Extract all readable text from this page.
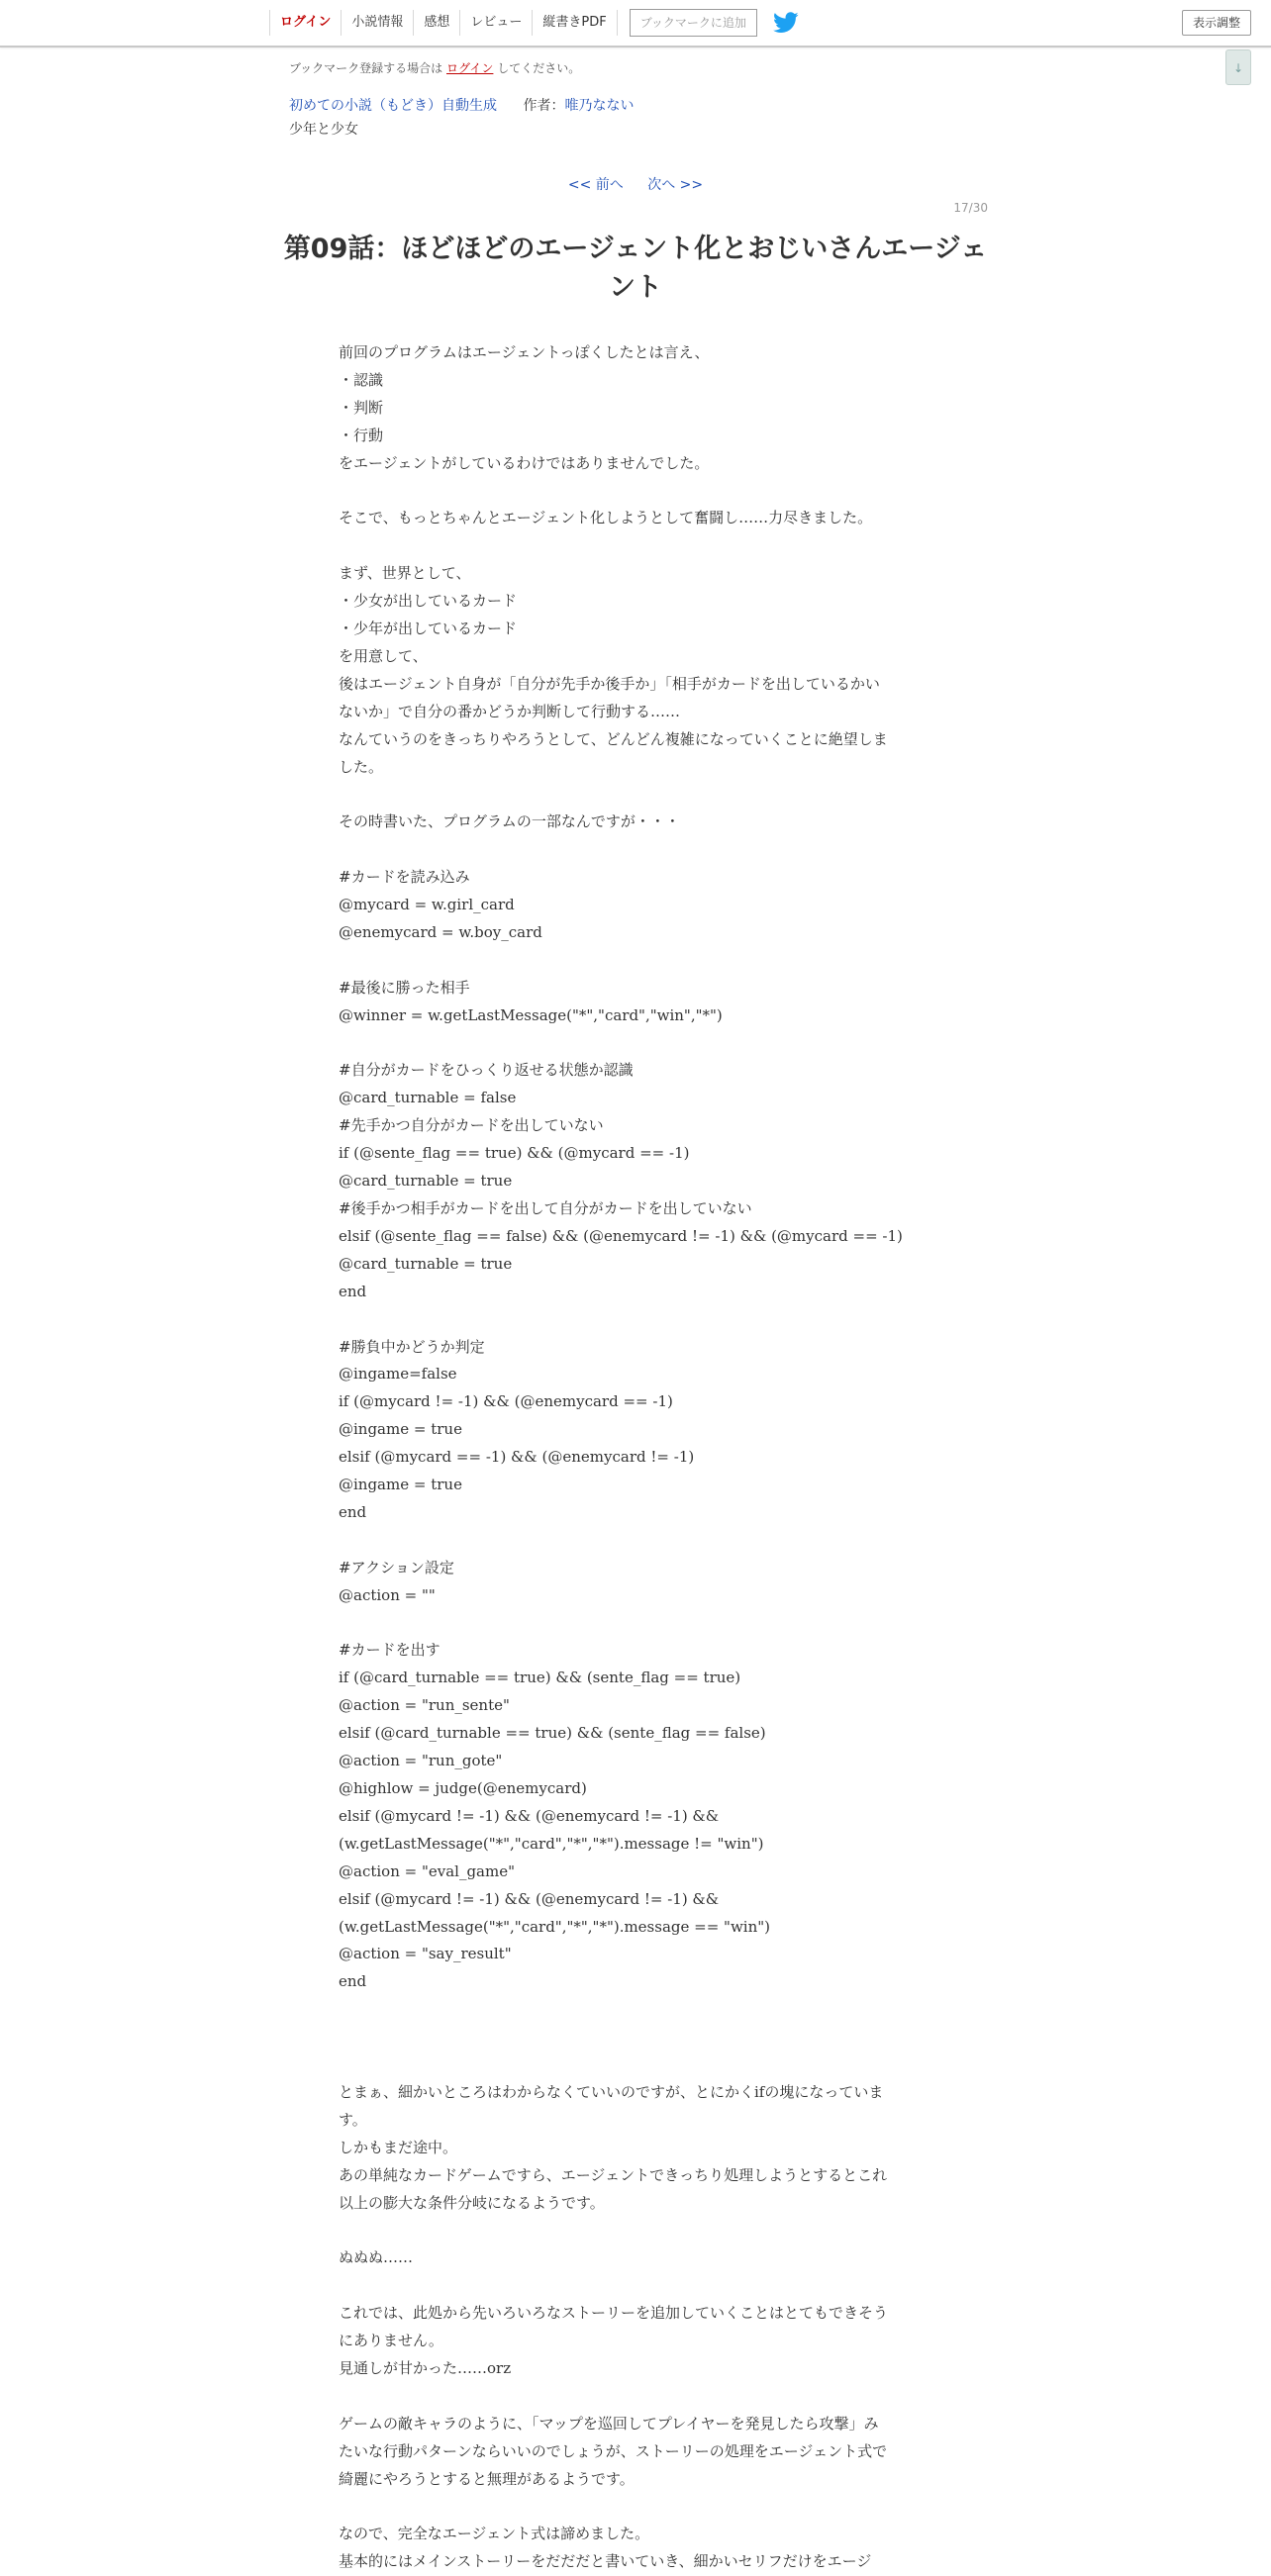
ログイン	小説情報	感想	レビュー	縦書きPDF	ブックマークに追加	表示調整
↓
ブックマーク登録する場合は ログイン してください。
初めての小説（もどき）自動生成 作者：唯乃なない
少年と少女
<< 前へ 次へ >>
17/30
第09話：ほどほどのエージェント化とおじいさんエージェ
ント
前回のプログラムはエージェントっぽくしたとは言え、
・認識
・判断
・行動
をエージェントがしているわけではありませんでした。
そこで、もっとちゃんとエージェント化しようとして奮闘し……力尽きました。
まず、世界として、
・少女が出しているカード
・少年が出しているカード
を用意して、
後はエージェント自身が「自分が先手か後手か」「相手がカードを出しているかい
ないか」で自分の番かどうか判断して行動する……
なんていうのをきっちりやろうとして、どんどん複雑になっていくことに絶望しま
した。
その時書いた、プログラムの一部なんですが・・・
#カードを読み込み
@mycard = w.girl_card
@enemycard = w.boy_card
#最後に勝った相手
@winner = w.getLastMessage("*","card","win","*")
#自分がカードをひっくり返せる状態か認識
@card_turnable = false
#先手かつ自分がカードを出していない
if (@sente_flag == true) && (@mycard == -1)
@card_turnable = true
#後手かつ相手がカードを出して自分がカードを出していない
elsif (@sente_flag == false) && (@enemycard != -1) && (@mycard == -1)
@card_turnable = true
end
#勝負中かどうか判定
@ingame=false
if (@mycard != -1) && (@enemycard == -1)
@ingame = true
elsif (@mycard == -1) && (@enemycard != -1)
@ingame = true
end
#アクション設定
@action = ""
#カードを出す
if (@card_turnable == true) && (sente_flag == true)
@action = "run_sente"
elsif (@card_turnable == true) && (sente_flag == false)
@action = "run_gote"
@highlow = judge(@enemycard)
elsif (@mycard != -1) && (@enemycard != -1) &&
(w.getLastMessage("*","card","*","*").message != "win")
@action = "eval_game"
elsif (@mycard != -1) && (@enemycard != -1) &&
(w.getLastMessage("*","card","*","*").message == "win")
@action = "say_result"
end
とまぁ、細かいところはわからなくていいのですが、とにかくifの塊になっていま
す。
しかもまだ途中。
あの単純なカードゲームですら、エージェントできっちり処理しようとするとこれ
以上の膨大な条件分岐になるようです。
ぬぬぬ……
これでは、此処から先いろいろなストーリーを追加していくことはとてもできそう
にありません。
見通しが甘かった……orz
ゲームの敵キャラのように、「マップを巡回してプレイヤーを発見したら攻撃」み
たいな行動パターンならいいのでしょうが、ストーリーの処理をエージェント式で
綺麗にやろうとすると無理があるようです。
なので、完全なエージェント式は諦めました。
基本的にはメインストーリーをだだだと書いていき、細かいセリフだけをエージ
